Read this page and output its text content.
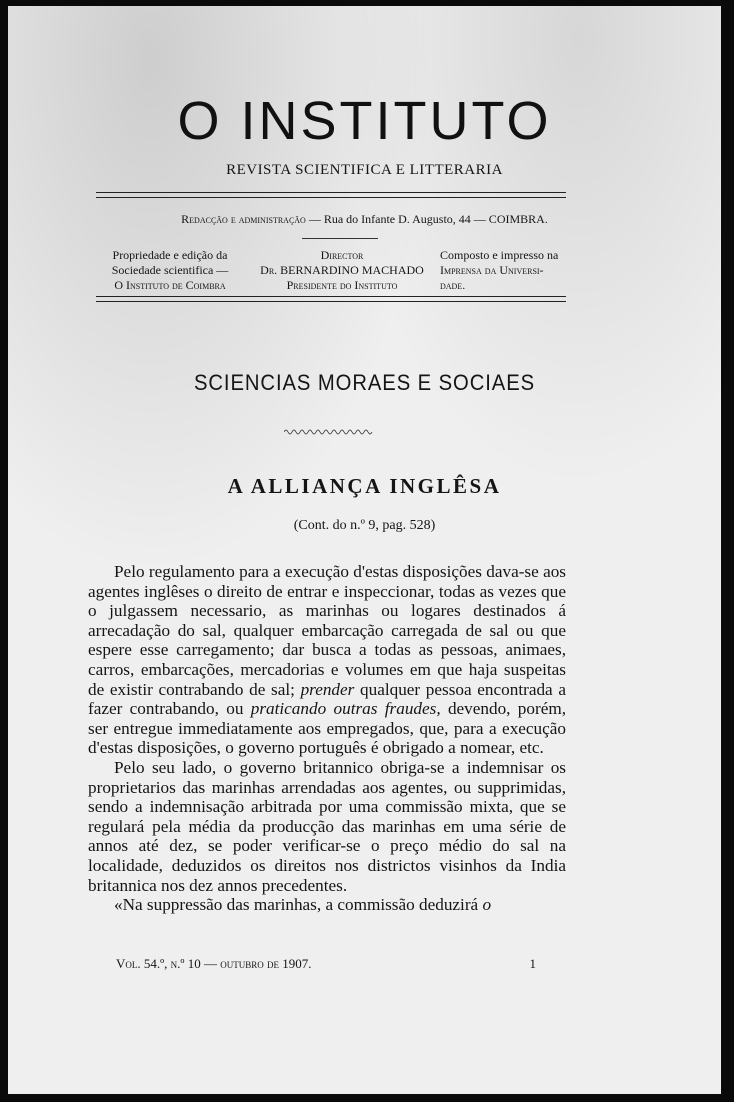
O INSTITUTO
REVISTA SCIENTIFICA E LITTERARIA
Redacção e administração — Rua do Infante D. Augusto, 44 — COIMBRA.
Propriedade e edição da
Sociedade scientifica —
O Instituto de Coimbra
Director
Dr. BERNARDINO MACHADO
Presidente do Instituto
Composto e impresso na
Imprensa da Universi-
dade.
SCIENCIAS MORAES E SOCIAES
A ALLIANÇA INGLÊSA
(Cont. do n.º 9, pag. 528)

Pelo regulamento para a execução d'estas disposições dava-se aos agentes inglêses o direito de entrar e inspeccionar, todas as vezes que o julgassem necessario, as marinhas ou logares destinados á arrecadação do sal, qualquer embarcação carregada de sal ou que espere esse carregamento; dar busca a todas as pessoas, animaes, carros, embarcações, mercadorias e volumes em que haja suspeitas de existir contrabando de sal; prender qualquer pessoa encontrada a fazer contrabando, ou praticando outras fraudes, devendo, porém, ser entregue immediatamente aos empregados, que, para a execução d'estas disposições, o governo português é obrigado a nomear, etc.

Pelo seu lado, o governo britannico obriga-se a indemnisar os proprietarios das marinhas arrendadas aos agentes, ou supprimidas, sendo a indemnisação arbitrada por uma commissão mixta, que se regulará pela média da producção das marinhas em uma série de annos até dez, se poder verificar-se o preço médio do sal na localidade, deduzidos os direitos nos districtos visinhos da India britannica nos dez annos precedentes.

«Na suppressão das marinhas, a commissão deduzirá o

Vol. 54.º, n.º 10 — outubro de 1907.	1
